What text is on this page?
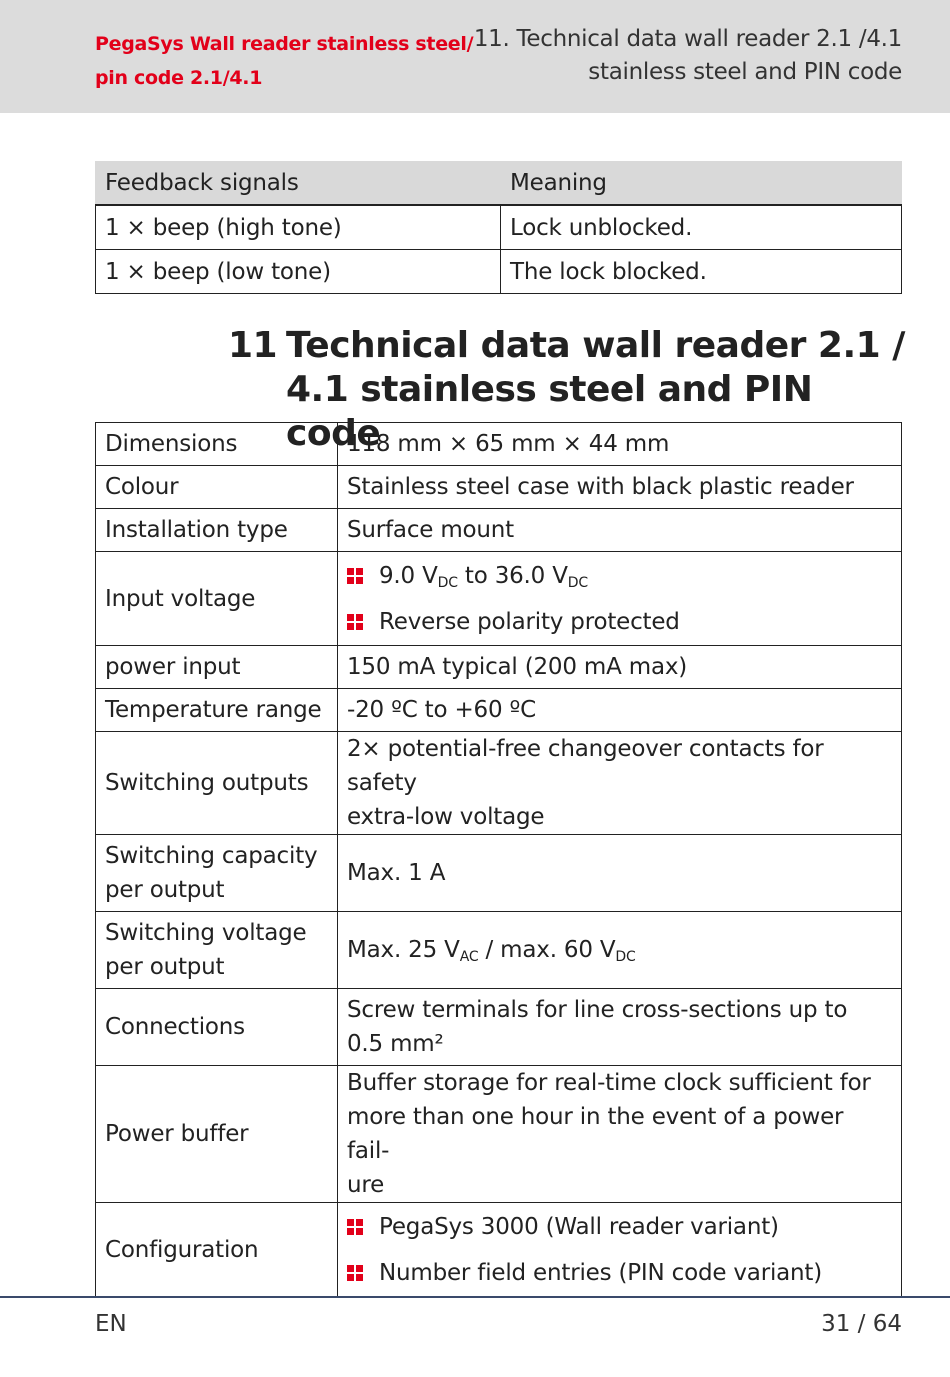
PegaSys Wall reader stainless steel/
pin code 2.1/4.1
11. Technical data wall reader 2.1 /4.1
stainless steel and PIN code
Feedback signals	Meaning
1 × beep (high tone)	Lock unblocked.
1 × beep (low tone)	The lock blocked.
11 Technical data wall reader 2.1 /
4.1 stainless steel and PIN code
Dimensions	118 mm × 65 mm × 44 mm
Colour	Stainless steel case with black plastic reader
Installation type	Surface mount
Input voltage	9.0 $V_{DC}$ to 36.0 $V_{DC}$
Reverse polarity protected

power input	150 mA typical (200 mA max)
Temperature range	-20 ºC to +60 ºC
Switching outputs	2× potential-free changeover contacts for safety
extra-low voltage

Switching capacity
per output	Max. 1 A

Switching voltage
per output	Max. 25 $V_{AC}$ / max. 60 $V_{DC}$
Connections	Screw terminals for line cross-sections up to
0.5 mm²

Power buffer	Buffer storage for real-time clock sufficient for
more than one hour in the event of a power fail-
ure

Configuration	PegaSys 3000 (Wall reader variant)
Number field entries (PIN code variant)
EN	31 / 64
